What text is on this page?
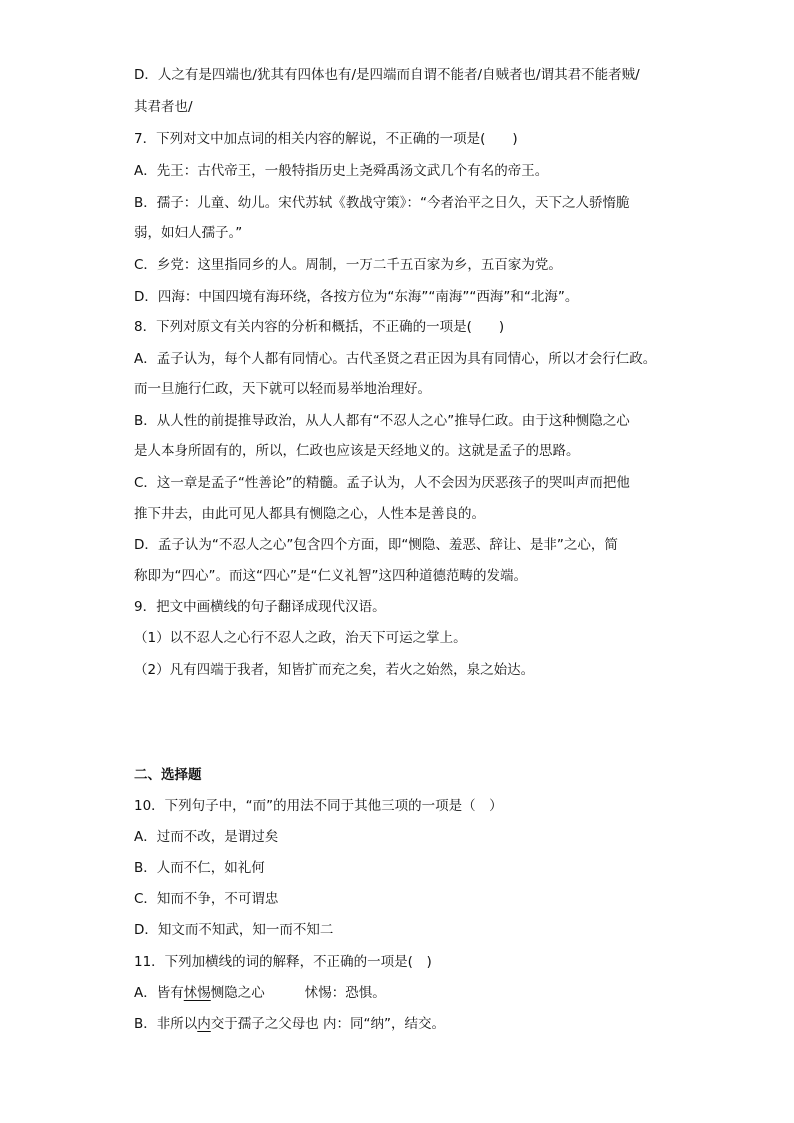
D．人之有是四端也/犹其有四体也有/是四端而自谓不能者/自贼者也/谓其君不能者贼/
其君者也/
7．下列对文中加点词的相关内容的解说，不正确的一项是(　　)
A．先王：古代帝王，一般特指历史上尧舜禹汤文武几个有名的帝王。
B．孺子：儿童、幼儿。宋代苏轼《教战守策》：“今者治平之日久，天下之人骄惰脆
弱，如妇人孺子。”
C．乡党：这里指同乡的人。周制，一万二千五百家为乡，五百家为党。
D．四海：中国四境有海环绕，各按方位为“东海”“南海”“西海”和“北海”。
8．下列对原文有关内容的分析和概括，不正确的一项是(　　)
A．孟子认为，每个人都有同情心。古代圣贤之君正因为具有同情心，所以才会行仁政。
而一旦施行仁政，天下就可以轻而易举地治理好。
B．从人性的前提推导政治，从人人都有“不忍人之心”推导仁政。由于这种恻隐之心
是人本身所固有的，所以，仁政也应该是天经地义的。这就是孟子的思路。
C．这一章是孟子“性善论”的精髓。孟子认为，人不会因为厌恶孩子的哭叫声而把他
推下井去，由此可见人都具有恻隐之心，人性本是善良的。
D．孟子认为“不忍人之心”包含四个方面，即“恻隐、羞恶、辞让、是非”之心，简
称即为“四心”。而这“四心”是“仁义礼智”这四种道德范畴的发端。
9．把文中画横线的句子翻译成现代汉语。
（1）以不忍人之心行不忍人之政，治天下可运之掌上。
（2）凡有四端于我者，知皆扩而充之矣，若火之始然，泉之始达。
二、选择题
10．下列句子中，“而”的用法不同于其他三项的一项是（　）
A．过而不改，是谓过矣
B．人而不仁，如礼何
C．知而不争，不可谓忠
D．知文而不知武，知一而不知二
11．下列加横线的词的解释，不正确的一项是(　)
A．皆有怵惕恻隐之心	怵惕：恐惧。
B．非所以内交于孺子之父母也 内：同“纳”，结交。
